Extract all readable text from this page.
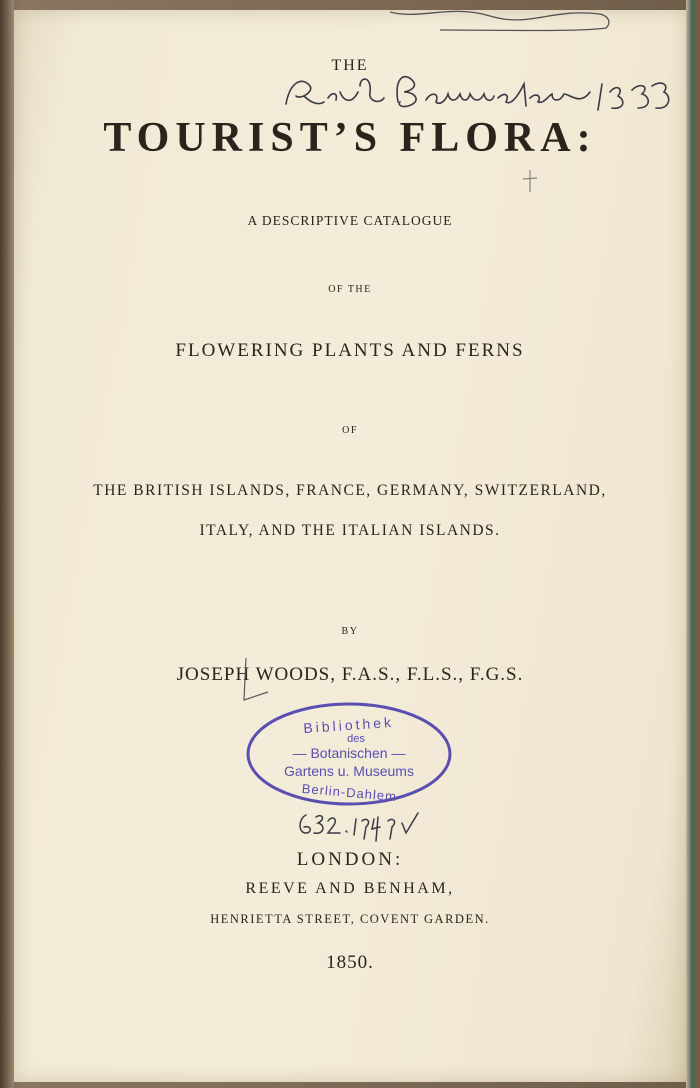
THE
TOURIST’S FLORA:
A DESCRIPTIVE CATALOGUE
OF THE
FLOWERING PLANTS AND FERNS
OF
THE BRITISH ISLANDS, FRANCE, GERMANY, SWITZERLAND,
ITALY, AND THE ITALIAN ISLANDS.
BY
JOSEPH WOODS, F.A.S., F.L.S., F.G.S.
Bibliothek
des
— Botanischen —
Gartens u. Museums
Berlin-Dahlem
LONDON:
REEVE AND BENHAM,
HENRIETTA STREET, COVENT GARDEN.
1850.
